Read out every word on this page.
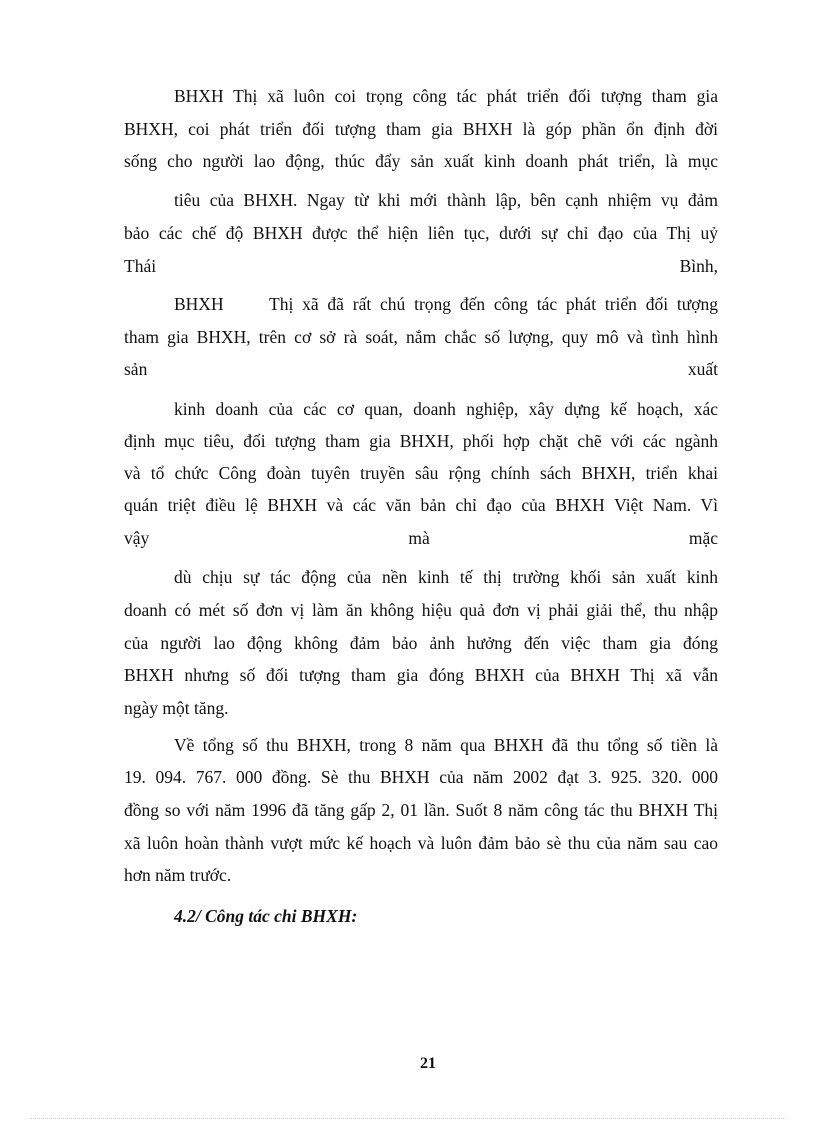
BHXH Thị xã luôn coi trọng công tác phát triển đối tượng tham gia
BHXH, coi phát triển đối tượng tham gia BHXH là góp phần ổn định đời
sống cho người lao động, thúc đẩy sản xuất kinh doanh phát triển, là mục
tiêu của BHXH. Ngay từ khi mới thành lập, bên cạnh nhiệm vụ đảm
bảo các chế độ BHXH được thể hiện liên tục, dưới sự chỉ đạo của Thị uỷ
Thái	Bình,
BHXH	Thị xã đã rất chú trọng đến công tác phát triển đối tượng
tham gia BHXH, trên cơ sở rà soát, nắm chắc số lượng, quy mô và tình hình
sản	xuất
kinh doanh của các cơ quan, doanh nghiệp, xây dựng kế hoạch, xác
định mục tiêu, đối tượng tham gia BHXH, phối hợp chặt chẽ với các ngành
và tổ chức Công đoàn tuyên truyền sâu rộng chính sách BHXH, triển khai
quán triệt điều lệ BHXH và các văn bản chỉ đạo của BHXH Việt Nam. Vì
vậy	mà	mặc
dù chịu sự tác động của nền kinh tế thị trường khối sản xuất kinh
doanh có mét số đơn vị làm ăn không hiệu quả đơn vị phải giải thể, thu nhập
của người lao động không đảm bảo ảnh hưởng đến việc tham gia đóng
BHXH nhưng số đối tượng tham gia đóng BHXH của BHXH Thị xã vẫn
ngày một tăng.
Về tổng số thu BHXH, trong 8 năm qua BHXH đã thu tổng số tiền là
19. 094. 767. 000 đồng. Sè thu BHXH của năm 2002 đạt 3. 925. 320. 000
đồng so với năm 1996 đã tăng gấp 2, 01 lần. Suốt 8 năm công tác thu BHXH Thị
xã luôn hoàn thành vượt mức kế hoạch và luôn đảm bảo sè thu của năm sau cao
hơn năm trước.
4.2/ Công tác chi BHXH:
21
